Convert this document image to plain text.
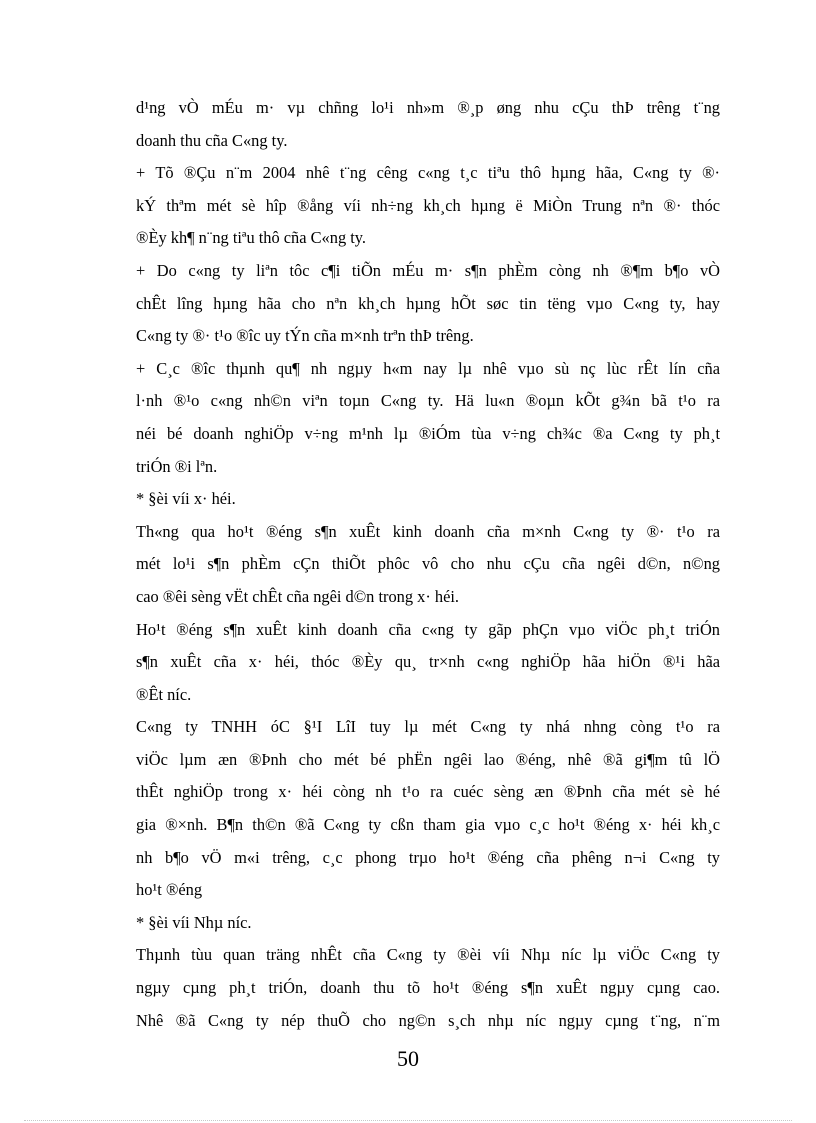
d¹ng vÒ mÉu m· vµ chñng lo¹i nh»m ®¸p øng nhu cÇu thÞ trêng t¨ng
doanh thu cña C«ng ty.
+ Tõ ®Çu n¨m 2004 nhê t¨ng cêng c«ng t¸c tiªu thô hµng hãa, C«ng ty ®·
kÝ thªm mét sè hîp ®ång víi nh÷ng kh¸ch hµng ë MiÒn Trung nªn ®· thóc
®Èy kh¶ n¨ng tiªu thô cña C«ng ty.
+ Do c«ng ty liªn tôc c¶i tiÕn mÉu m· s¶n phÈm còng nh ®¶m b¶o vÒ
chÊt lîng hµng hãa cho nªn kh¸ch hµng hÕt søc tin tëng vµo C«ng ty, hay
C«ng ty ®· t¹o ®îc uy tÝn cña m×nh trªn thÞ trêng.
+ C¸c ®îc thµnh qu¶ nh ngµy h«m nay lµ nhê vµo sù nç lùc rÊt lín cña
l·nh ®¹o c«ng nh©n viªn toµn C«ng ty. Hä lu«n ®oµn kÕt g¾n bã t¹o ra
néi bé doanh nghiÖp v÷ng m¹nh lµ ®iÓm tùa v÷ng ch¾c ®a C«ng ty ph¸t
triÓn ®i lªn.
* §èi víi x· héi.
Th«ng qua ho¹t ®éng s¶n xuÊt kinh doanh cña m×nh C«ng ty ®· t¹o ra
mét lo¹i s¶n phÈm cÇn thiÕt phôc vô cho nhu cÇu cña ngêi d©n, n©ng
cao ®êi sèng vËt chÊt cña ngêi d©n trong x· héi.
Ho¹t ®éng s¶n xuÊt kinh doanh cña c«ng ty gãp phÇn vµo viÖc ph¸t triÓn
s¶n xuÊt cña x· héi, thóc ®Èy qu¸ tr×nh c«ng nghiÖp hãa hiÖn ®¹i hãa
®Êt níc.
C«ng ty TNHH óC §¹I LîI tuy lµ mét C«ng ty nhá nhng còng t¹o ra
viÖc lµm æn ®Þnh cho mét bé phËn ngêi lao ®éng, nhê ®ã gi¶m tû lÖ
thÊt nghiÖp trong x· héi còng nh t¹o ra cuéc sèng æn ®Þnh cña mét sè hé
gia ®×nh. B¶n th©n ®ã C«ng ty cßn tham gia vµo c¸c ho¹t ®éng x· héi kh¸c
nh b¶o vÖ m«i trêng, c¸c phong trµo ho¹t ®éng cña phêng n¬i C«ng ty
ho¹t ®éng
* §èi víi Nhµ níc.
Thµnh tùu quan träng nhÊt cña C«ng ty ®èi víi Nhµ níc lµ viÖc C«ng ty
ngµy cµng ph¸t triÓn, doanh thu tõ ho¹t ®éng s¶n xuÊt ngµy cµng cao.
Nhê ®ã C«ng ty nép thuÕ cho ng©n s¸ch nhµ níc ngµy cµng t¨ng, n¨m
50
